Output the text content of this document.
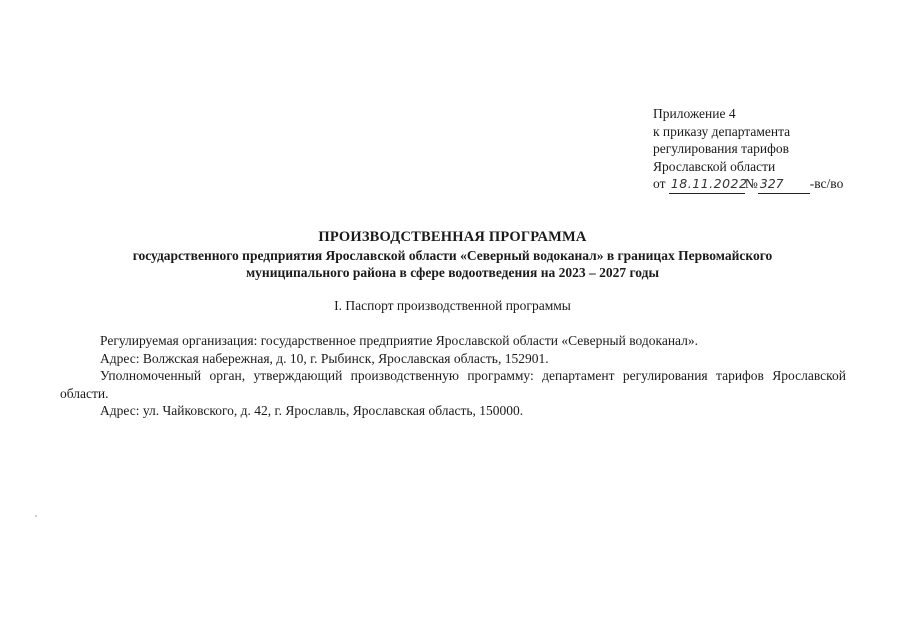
Приложение 4
к приказу департамента
регулирования тарифов
Ярославской области
от 18.11.2022№ 327 -вс/во
ПРОИЗВОДСТВЕННАЯ ПРОГРАММА
государственного предприятия Ярославской области «Северный водоканал» в границах Первомайского
муниципального района в сфере водоотведения на 2023 – 2027 годы
I. Паспорт производственной программы

Регулируемая организация: государственное предприятие Ярославской области «Северный водоканал».

Адрес: Волжская набережная, д. 10, г. Рыбинск, Ярославская область, 152901.

Уполномоченный орган, утверждающий производственную программу: департамент регулирования тарифов Ярославской области.

Адрес: ул. Чайковского, д. 42, г. Ярославль, Ярославская область, 150000.
